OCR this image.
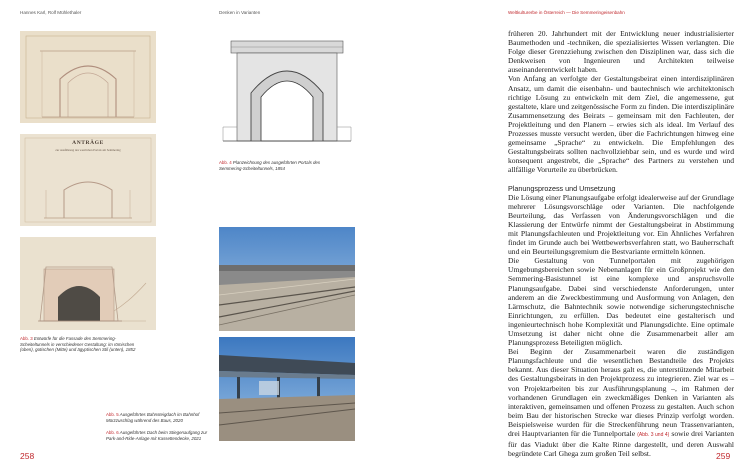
Hannes Karl, Rolf Mühlethaler	Denken in Varianten	Weltkulturerbe in Österreich — Die Semmeringeisenbahn
ANTRÄGE
zur Ausführung des westlichen Portals am Semmering
Abb. 3 Entwürfe für die Fassade des Semmering-Scheiteltunnels in verschiedener Gestaltung: im römischen (oben), gotischen (Mitte) und ägyptischen Stil (unten), 1852
Abb. 4 Planzeichnung des ausgeführten Portals des Semmering-Scheiteltunnels, 1854
Abb. 5 Ausgeführtes Bahnsteigdach im Bahnhof Mürzzuschlag während des Baus, 2020
Abb. 6 Ausgeführtes Dach beim Stiegenaufgang zur Park-and-Ride-Anlage mit Kassettendecke, 2021

früheren 20. Jahrhundert mit der Entwicklung neuer industrialisierter Baumethoden und -techniken, die spezialisiertes Wissen verlangten. Die Folge dieser Grenzziehung zwischen den Disziplinen war, dass sich die Denkweisen von Ingenieuren und Architekten teilweise auseinanderentwickelt haben.

Von Anfang an verfolgte der Gestaltungsbeirat einen interdisziplinären Ansatz, um damit die eisenbahn- und bautechnisch wie architektonisch richtige Lösung zu entwickeln mit dem Ziel, die angemessene, gut gestaltete, klare und zeitgenössische Form zu finden. Die interdisziplinäre Zusammensetzung des Beirats – gemeinsam mit den Fachleuten, der Projektleitung und den Planern – erwies sich als ideal. Im Verlauf des Prozesses musste versucht werden, über die Fachrichtungen hinweg eine gemeinsame „Sprache“ zu entwickeln. Die Empfehlungen des Gestaltungsbeirats sollten nachvollziehbar sein, und es wurde und wird konsequent angestrebt, die „Sprache“ des Partners zu verstehen und allfällige Vorurteile zu überbrücken.

Planungsprozess und Umsetzung

Die Lösung einer Planungsaufgabe erfolgt idealerweise auf der Grundlage mehrerer Lösungsvorschläge oder Varianten. Die nachfolgende Beurteilung, das Verfassen von Änderungsvorschlägen und die Klassierung der Entwürfe nimmt der Gestaltungsbeirat in Abstimmung mit Planungsfachleuten und Projektleitung vor. Ein Ähnliches Verfahren findet im Grunde auch bei Wettbewerbsverfahren statt, wo Bauherrschaft und ein Beurteilungsgremium die Bestvariante ermitteln können.

Die Gestaltung von Tunnelportalen mit zugehörigen Umgebungsbereichen sowie Nebenanlagen für ein Großprojekt wie den Semmering-Basistunnel ist eine komplexe und anspruchsvolle Planungsaufgabe. Dabei sind verschiedenste Anforderungen, unter anderem an die Zweckbestimmung und Ausformung von Anlagen, den Lärmschutz, die Bahntechnik sowie notwendige sicherungstechnische Einrichtungen, zu erfüllen. Das bedeutet eine gestalterisch und ingenieurtechnisch hohe Komplexität und Planungsdichte. Eine optimale Umsetzung ist daher nicht ohne die Zusammenarbeit aller am Planungsprozess Beteiligten möglich.

Bei Beginn der Zusammenarbeit waren die zuständigen Planungsfachleute und die wesentlichen Bestandteile des Projekts bekannt. Aus dieser Situation heraus galt es, die unterstützende Mitarbeit des Gestaltungsbeirats in den Projektprozess zu integrieren. Ziel war es – von Projektarbeiten bis zur Ausführungsplanung –, im Rahmen der vorhandenen Grundlagen ein zweckmäßiges Denken in Varianten als interaktiven, gemeinsamen und offenen Prozess zu gestalten. Auch schon beim Bau der historischen Strecke war dieses Prinzip verfolgt worden. Beispielsweise wurden für die Streckenführung neun Trassenvarianten, drei Hauptvarianten für die Tunnelportale (Abb. 3 und 4) sowie drei Varianten für das Viadukt über die Kalte Rinne dargestellt, und deren Auswahl begründete Carl Ghega zum großen Teil selbst.

258	259
